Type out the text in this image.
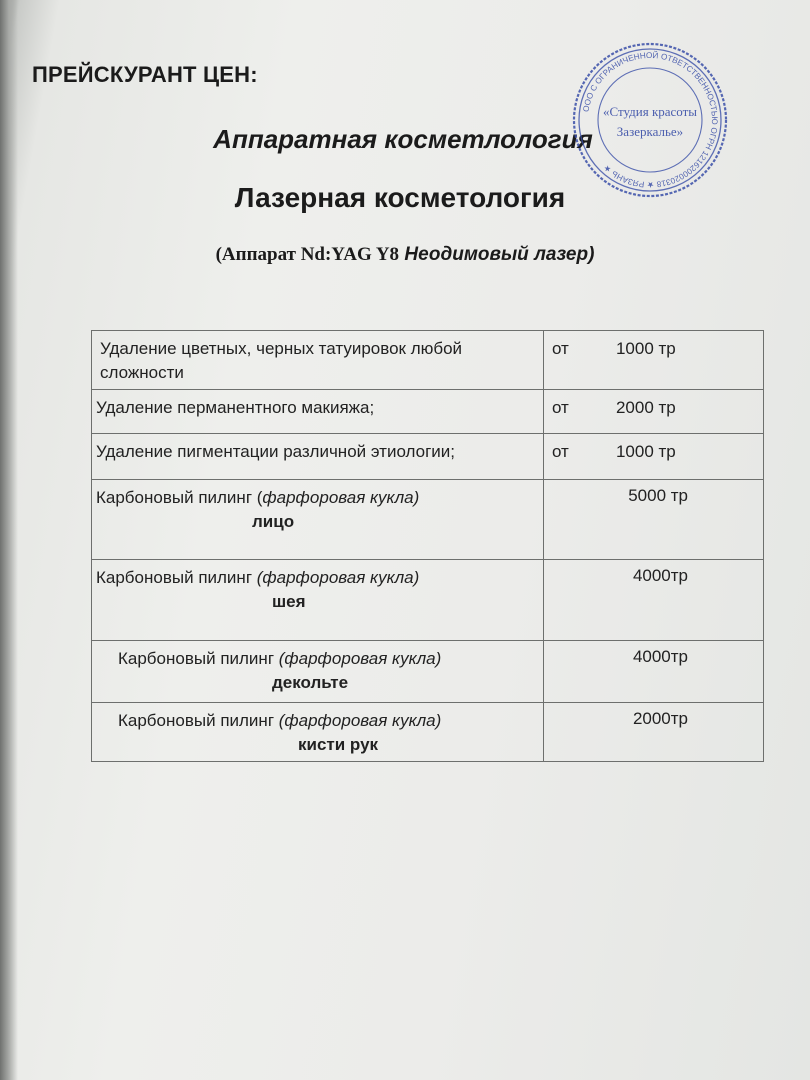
ПРЕЙСКУРАНТ ЦЕН:
Аппаратная косметлология
Лазерная косметология
(Аппарат Nd:YAG Y8 Неодимовый лазер)
ООО С ОГРАНИЧЕННОЙ ОТВЕТСТВЕННОСТЬЮ ОГРН 1216200020318 ★ РЯЗАНЬ ★
«Студия красоты
Зазеркалье»
Удаление цветных, черных татуировок любой сложности	от 1000 тр

Удаление перманентного макияжа;	от 2000 тр

Удаление пигментации различной этиологии;	от 1000 тр

Карбоновый пилинг (фарфоровая кукла)
лицо	5000 тр

Карбоновый пилинг (фарфоровая кукла)
шея	4000тр

Карбоновый пилинг (фарфоровая кукла)
декольте	4000тр

Карбоновый пилинг (фарфоровая кукла)
кисти рук	2000тр
